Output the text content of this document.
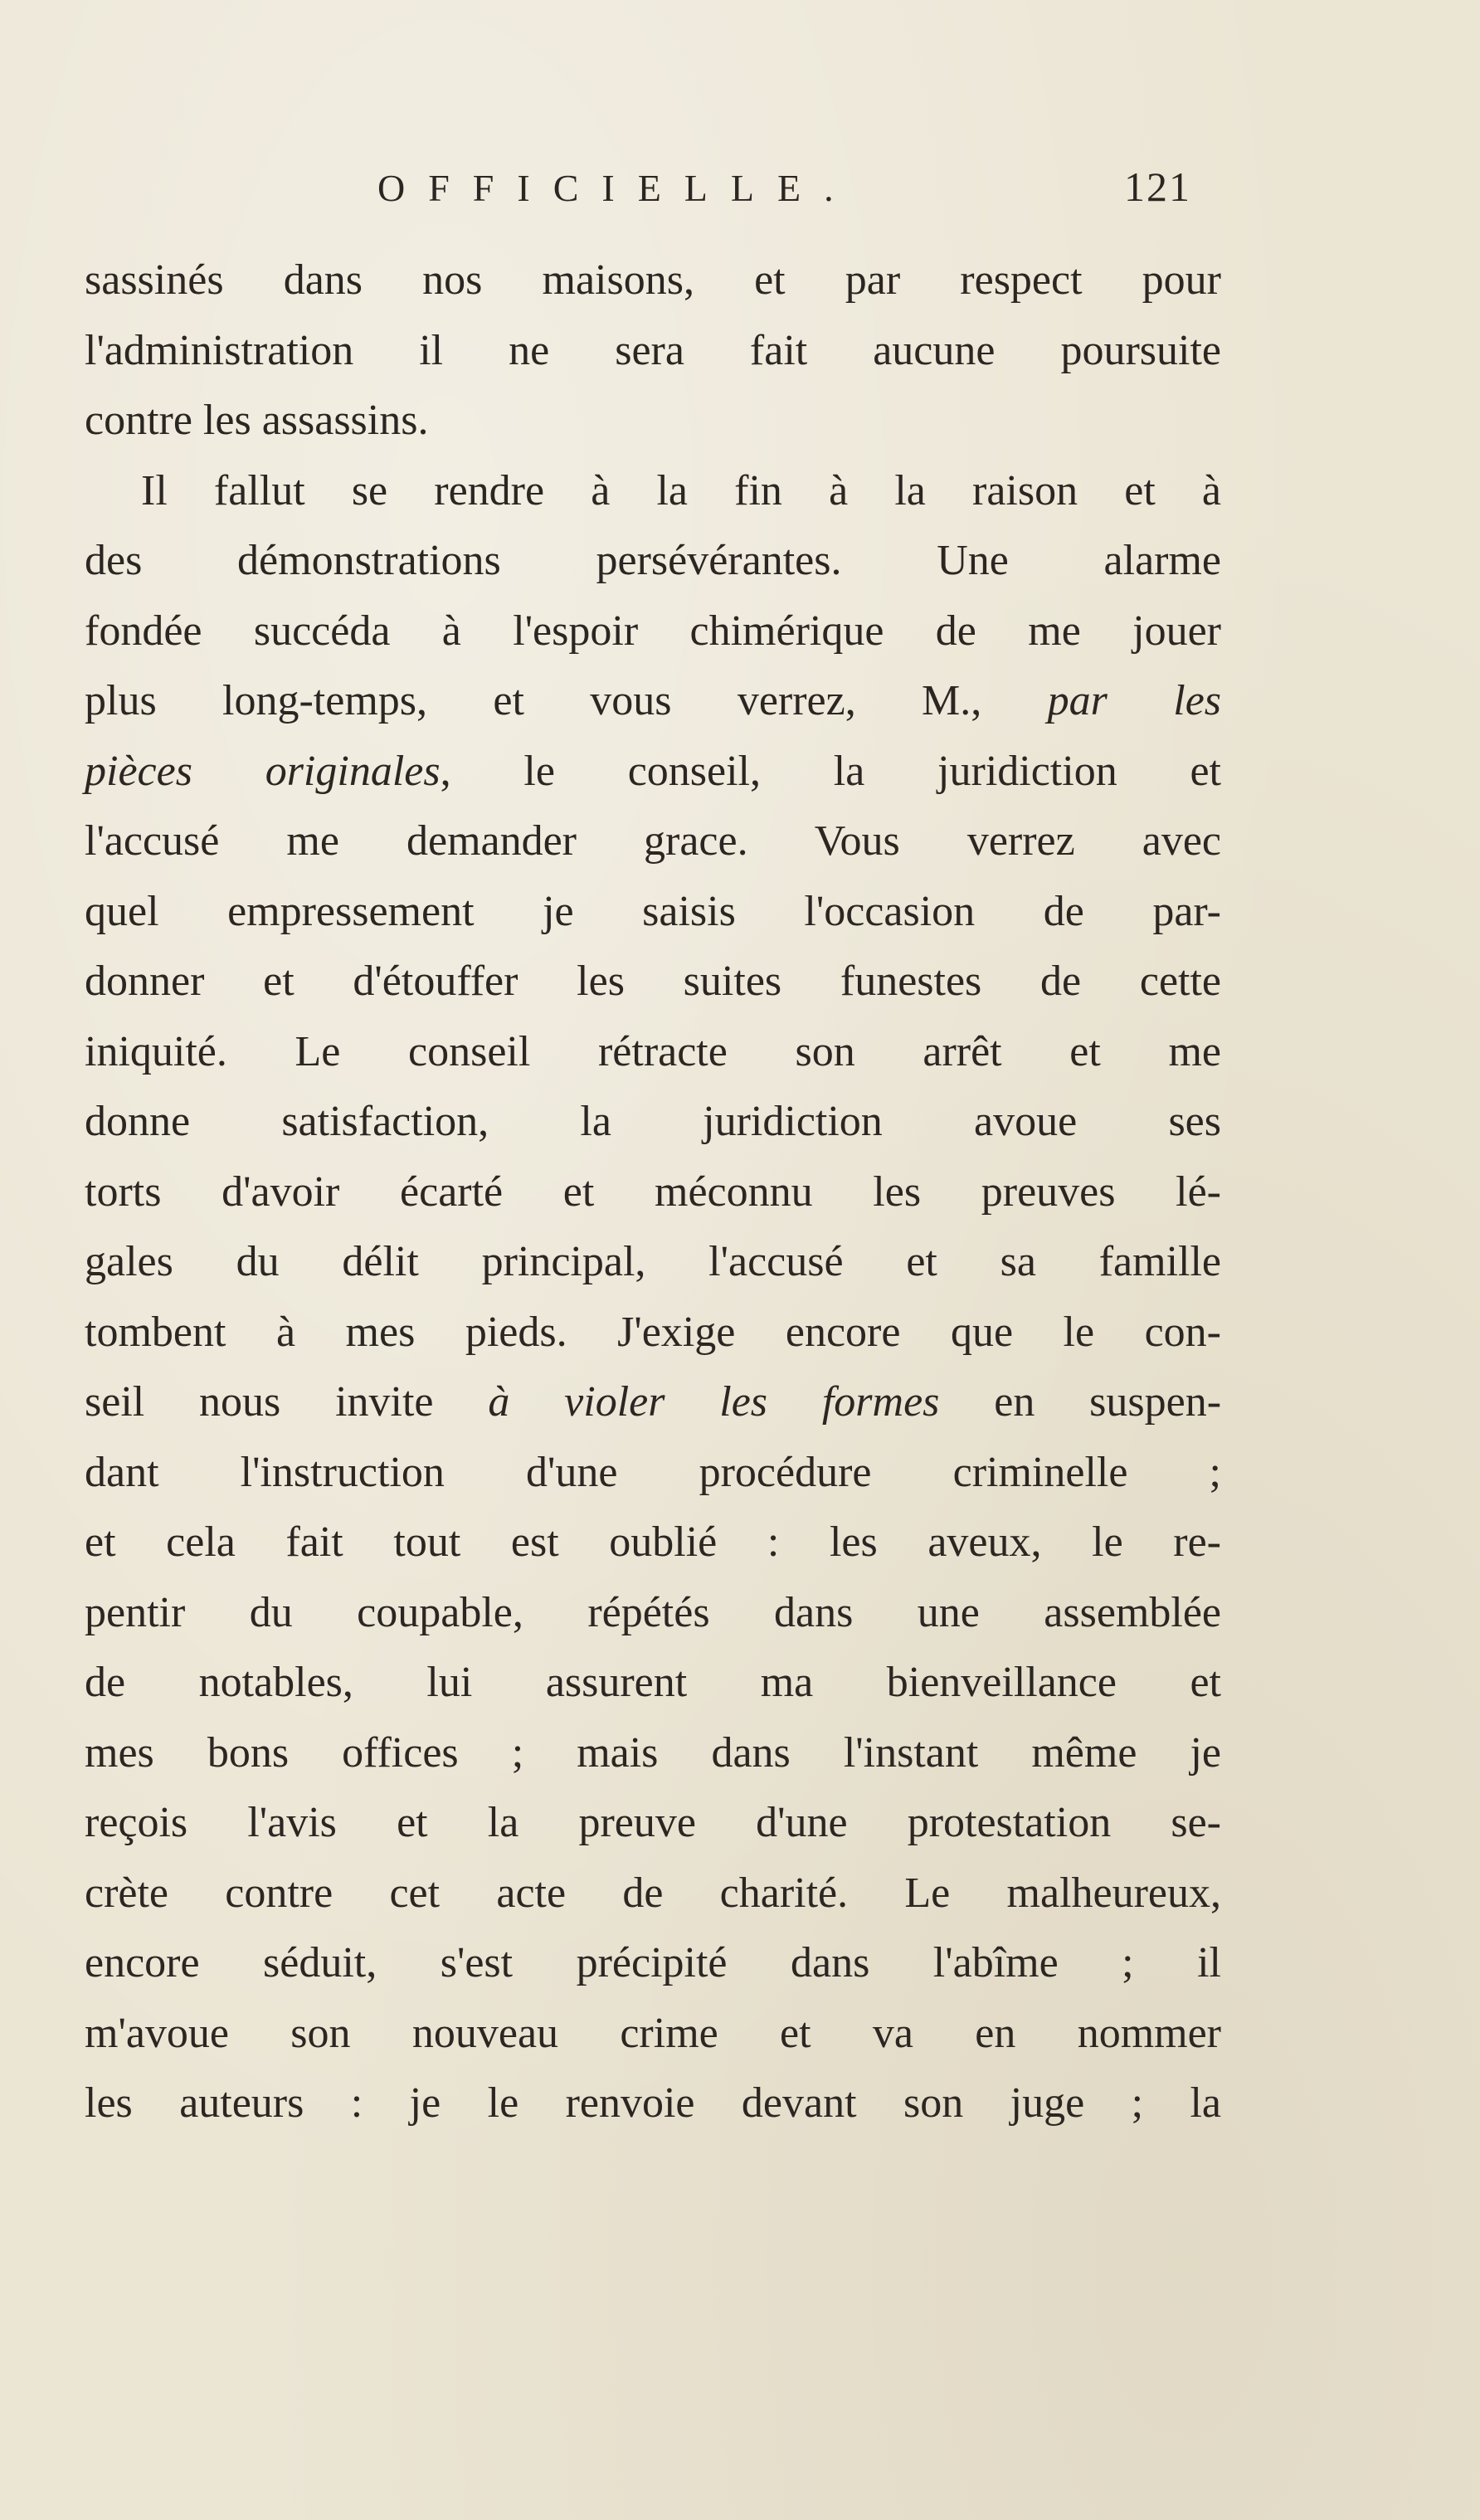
OFFICIELLE.	121
sassinés dans nos maisons, et par respect pour
l'administration il ne sera fait aucune poursuite
contre les assassins.
Il fallut se rendre à la fin à la raison et à
des démonstrations persévérantes. Une alarme
fondée succéda à l'espoir chimérique de me jouer
plus long-temps, et vous verrez, M., par les
pièces originales, le conseil, la juridiction et
l'accusé me demander grace. Vous verrez avec
quel empressement je saisis l'occasion de par-
donner et d'étouffer les suites funestes de cette
iniquité. Le conseil rétracte son arrêt et me
donne satisfaction, la juridiction avoue ses
torts d'avoir écarté et méconnu les preuves lé-
gales du délit principal, l'accusé et sa famille
tombent à mes pieds. J'exige encore que le con-
seil nous invite à violer les formes en suspen-
dant l'instruction d'une procédure criminelle ;
et cela fait tout est oublié : les aveux, le re-
pentir du coupable, répétés dans une assemblée
de notables, lui assurent ma bienveillance et
mes bons offices ; mais dans l'instant même je
reçois l'avis et la preuve d'une protestation se-
crète contre cet acte de charité. Le malheureux,
encore séduit, s'est précipité dans l'abîme ; il
m'avoue son nouveau crime et va en nommer
les auteurs : je le renvoie devant son juge ; la
